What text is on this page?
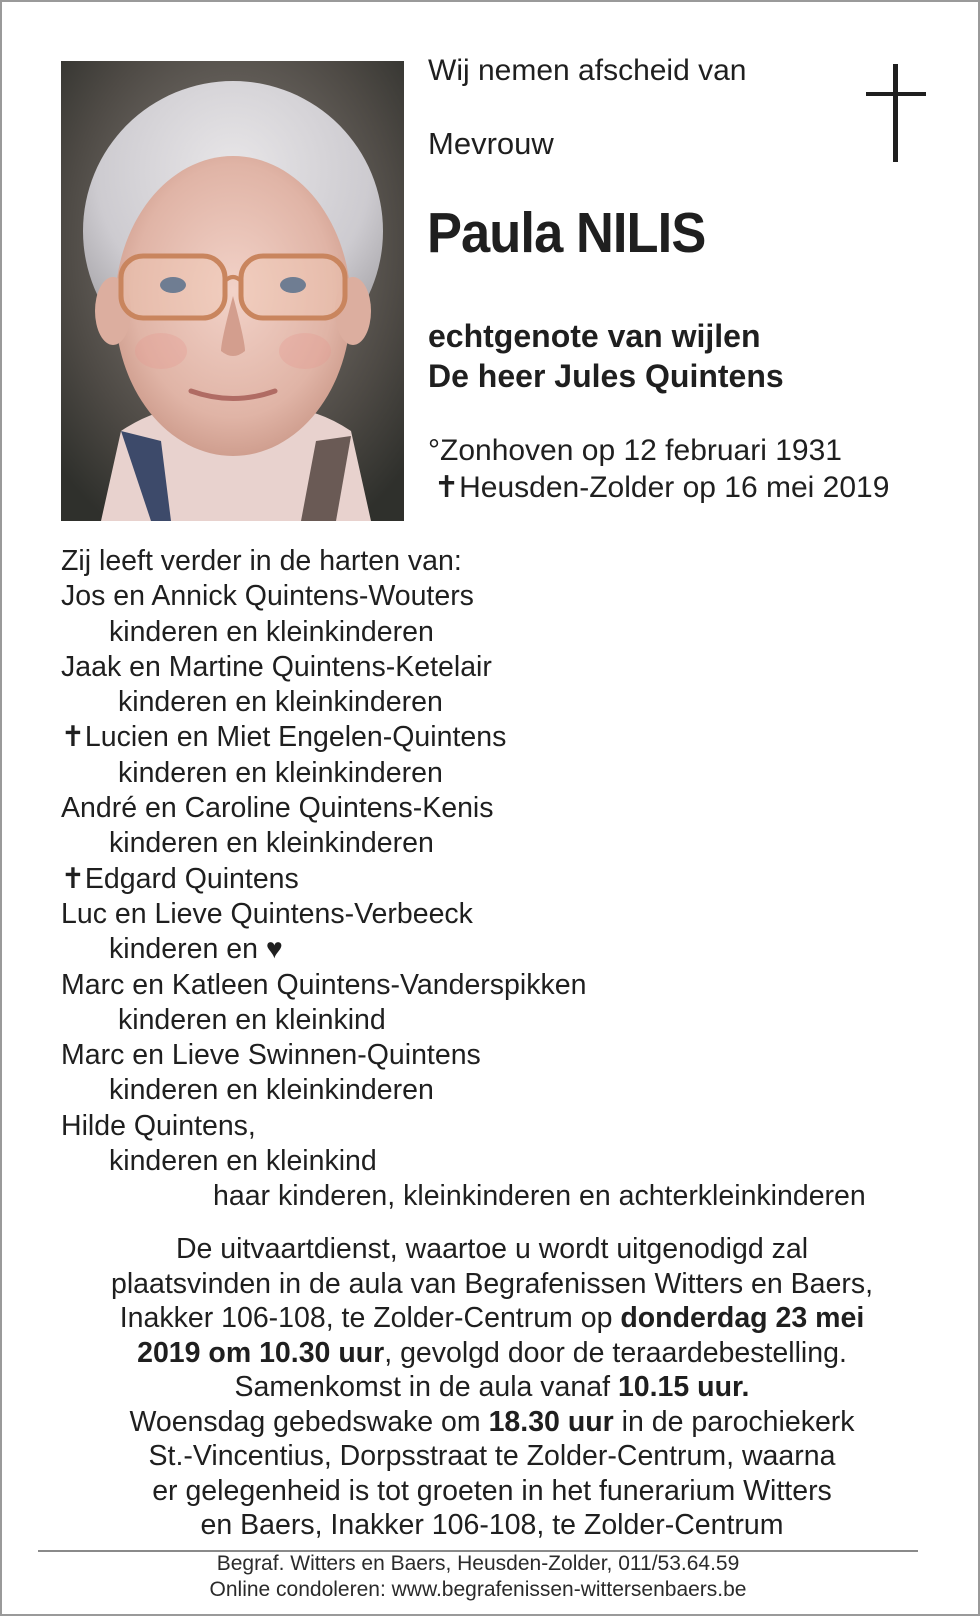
Wij nemen afscheid van
Mevrouw
Paula NILIS
echtgenote van wijlen
De heer Jules Quintens
°Zonhoven op 12 februari 1931
✝Heusden-Zolder op 16 mei 2019
Zij leeft verder in de harten van:
Jos en Annick Quintens-Wouters
kinderen en kleinkinderen
Jaak en Martine Quintens-Ketelair
kinderen en kleinkinderen
✝Lucien en Miet Engelen-Quintens
kinderen en kleinkinderen
André en Caroline Quintens-Kenis
kinderen en kleinkinderen
✝Edgard Quintens
Luc en Lieve Quintens-Verbeeck
kinderen en ♥
Marc en Katleen Quintens-Vanderspikken
kinderen en kleinkind
Marc en Lieve Swinnen-Quintens
kinderen en kleinkinderen
Hilde Quintens,
kinderen en kleinkind
haar kinderen, kleinkinderen en achterkleinkinderen
De uitvaartdienst, waartoe u wordt uitgenodigd zal
plaatsvinden in de aula van Begrafenissen Witters en Baers,
Inakker 106-108, te Zolder-Centrum op donderdag 23 mei
2019 om 10.30 uur, gevolgd door de teraardebestelling.
Samenkomst in de aula vanaf 10.15 uur.
Woensdag gebedswake om 18.30 uur in de parochiekerk
St.-Vincentius, Dorpsstraat te Zolder-Centrum, waarna
er gelegenheid is tot groeten in het funerarium Witters
en Baers, Inakker 106-108, te Zolder-Centrum
Begraf. Witters en Baers, Heusden-Zolder, 011/53.64.59
Online condoleren: www.begrafenissen-wittersenbaers.be
